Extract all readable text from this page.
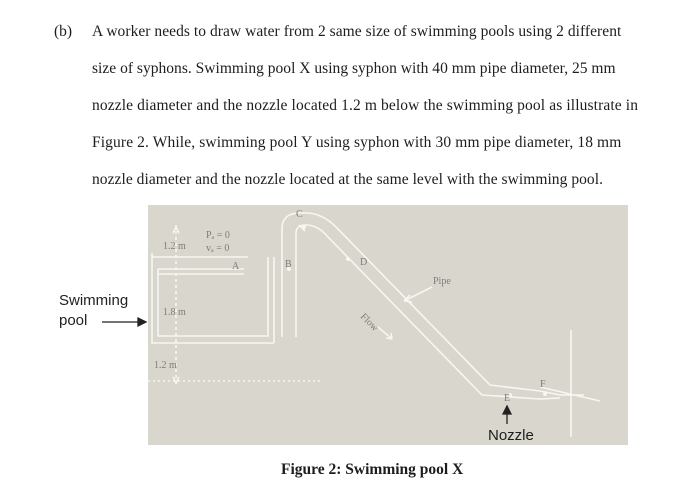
(b) A worker needs to draw water from 2 same size of swimming pools using 2 different
size of syphons. Swimming pool X using syphon with 40 mm pipe diameter, 25 mm
nozzle diameter and the nozzle located 1.2 m below the swimming pool as illustrate in
Figure 2. While, swimming pool Y using syphon with 30 mm pipe diameter, 18 mm
nozzle diameter and the nozzle located at the same level with the swimming pool.
1.2 m
Pₐ = 0
vₐ = 0
A	B
C
D
E
F
1.8 m
1.2 m
Pipe
Flow
Swimming
pool
Nozzle
Figure 2: Swimming pool X
